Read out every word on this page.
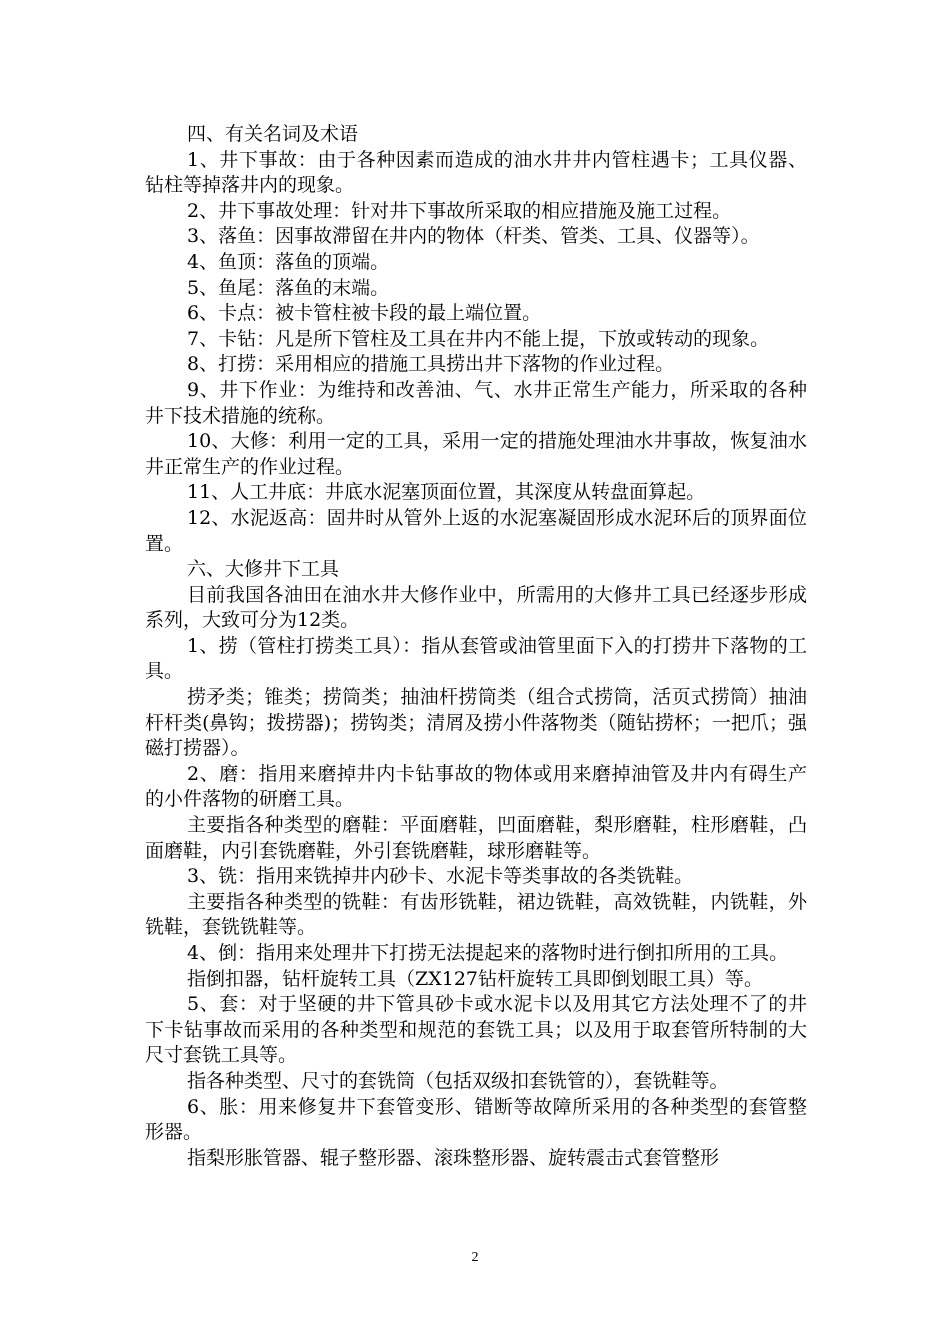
四、有关名词及术语

1、井下事故：由于各种因素而造成的油水井井内管柱遇卡；工具仪器、钻柱等掉落井内的现象。

2、井下事故处理：针对井下事故所采取的相应措施及施工过程。

3、落鱼：因事故滞留在井内的物体（杆类、管类、工具、仪器等）。

4、鱼顶：落鱼的顶端。

5、鱼尾：落鱼的末端。

6、卡点：被卡管柱被卡段的最上端位置。

7、卡钻：凡是所下管柱及工具在井内不能上提，下放或转动的现象。

8、打捞：采用相应的措施工具捞出井下落物的作业过程。

9、井下作业：为维持和改善油、气、水井正常生产能力，所采取的各种井下技术措施的统称。

10、大修：利用一定的工具，采用一定的措施处理油水井事故，恢复油水井正常生产的作业过程。

11、人工井底：井底水泥塞顶面位置，其深度从转盘面算起。

12、水泥返高：固井时从管外上返的水泥塞凝固形成水泥环后的顶界面位置。

六、大修井下工具

目前我国各油田在油水井大修作业中，所需用的大修井工具已经逐步形成系列，大致可分为12类。

1、捞（管柱打捞类工具）：指从套管或油管里面下入的打捞井下落物的工具。

捞矛类；锥类；捞筒类；抽油杆捞筒类（组合式捞筒，活页式捞筒）抽油杆杆类(鼻钩；拨捞器)；捞钩类；清屑及捞小件落物类（随钻捞杯；一把爪；强磁打捞器）。

2、磨：指用来磨掉井内卡钻事故的物体或用来磨掉油管及井内有碍生产的小件落物的研磨工具。

主要指各种类型的磨鞋：平面磨鞋，凹面磨鞋，梨形磨鞋，柱形磨鞋，凸面磨鞋，内引套铣磨鞋，外引套铣磨鞋，球形磨鞋等。

3、铣：指用来铣掉井内砂卡、水泥卡等类事故的各类铣鞋。

主要指各种类型的铣鞋：有齿形铣鞋，裙边铣鞋，高效铣鞋，内铣鞋，外铣鞋，套铣铣鞋等。

4、倒：指用来处理井下打捞无法提起来的落物时进行倒扣所用的工具。

指倒扣器，钻杆旋转工具（ZX127钻杆旋转工具即倒划眼工具）等。

5、套：对于坚硬的井下管具砂卡或水泥卡以及用其它方法处理不了的井下卡钻事故而采用的各种类型和规范的套铣工具；以及用于取套管所特制的大尺寸套铣工具等。

指各种类型、尺寸的套铣筒（包括双级扣套铣管的），套铣鞋等。

6、胀：用来修复井下套管变形、错断等故障所采用的各种类型的套管整形器。

指梨形胀管器、辊子整形器、滚珠整形器、旋转震击式套管整形

2
